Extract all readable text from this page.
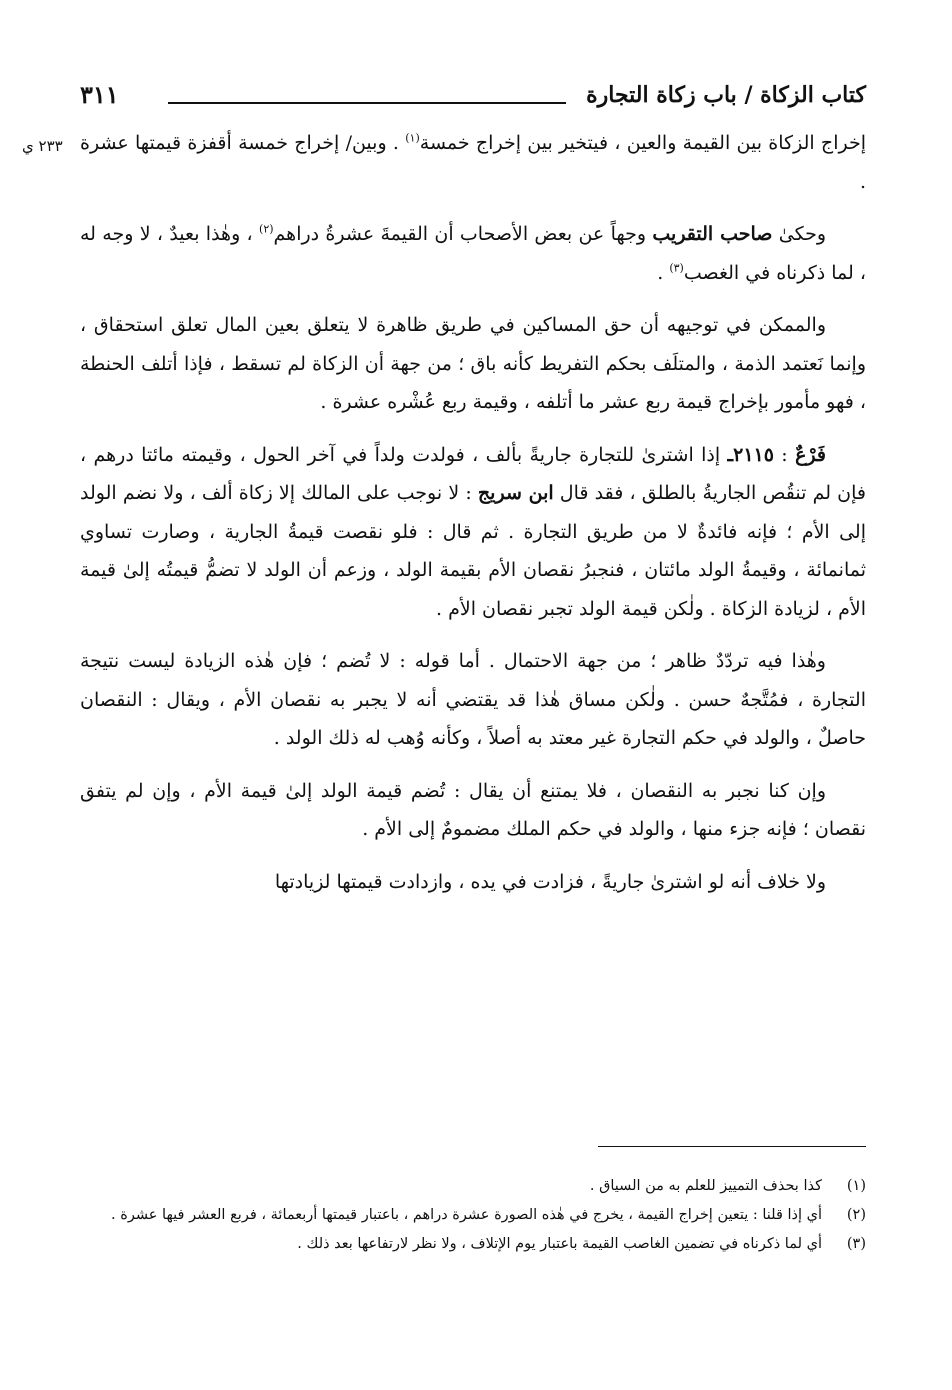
كتاب الزكاة / باب زكاة التجارة
٣١١
٢٣٣ ي	إخراج الزكاة بين القيمة والعين ، فيتخير بين إخراج خمسة$^{(١)}$ . وبين/ إخراج خمسة أقفزة قيمتها عشرة .

وحكىٰ صاحب التقريب وجهاً عن بعض الأصحاب أن القيمةَ عشرةُ دراهم$^{(٢)}$ ، وهٰذا بعيدٌ ، لا وجه له ، لما ذكرناه في الغصب$^{(٣)}$ .

والممكن في توجيهه أن حق المساكين في طريق ظاهرة لا يتعلق بعين المال تعلق استحقاق ، وإنما نَعتمد الذمة ، والمتلَف بحكم التفريط كأنه باق ؛ من جهة أن الزكاة لم تسقط ، فإذا أتلف الحنطة ، فهو مأمور بإخراج قيمة ربع عشر ما أتلفه ، وقيمة ربع عُشْره عشرة .

فَرْعٌ : ٢١١٥ـ إذا اشترىٰ للتجارة جاريةً بألف ، فولدت ولداً في آخر الحول ، وقيمته مائتا درهم ، فإن لم تنقُص الجاريةُ بالطلق ، فقد قال ابن سريج : لا نوجب على المالك إلا زكاة ألف ، ولا نضم الولد إلى الأم ؛ فإنه فائدةٌ لا من طريق التجارة . ثم قال : فلو نقصت قيمةُ الجارية ، وصارت تساوي ثمانمائة ، وقيمةُ الولد مائتان ، فنجبرُ نقصان الأم بقيمة الولد ، وزعم أن الولد لا تضمُّ قيمتُه إلىٰ قيمة الأم ، لزيادة الزكاة . ولٰكن قيمة الولد تجبر نقصان الأم .

وهٰذا فيه تردّدٌ ظاهر ؛ من جهة الاحتمال . أما قوله : لا تُضم ؛ فإن هٰذه الزيادة ليست نتيجة التجارة ، فمُتَّجهٌ حسن . ولٰكن مساق هٰذا قد يقتضي أنه لا يجبر به نقصان الأم ، ويقال : النقصان حاصلٌ ، والولد في حكم التجارة غير معتد به أصلاً ، وكأنه وُهب له ذلك الولد .

وإن كنا نجبر به النقصان ، فلا يمتنع أن يقال : تُضم قيمة الولد إلىٰ قيمة الأم ، وإن لم يتفق نقصان ؛ فإنه جزء منها ، والولد في حكم الملك مضمومٌ إلى الأم .

ولا خلاف أنه لو اشترىٰ جاريةً ، فزادت في يده ، وازدادت قيمتها لزيادتها

(١)
كذا بحذف التمييز للعلم به من السياق .
(٢)
أي إذا قلنا : يتعين إخراج القيمة ، يخرج في هٰذه الصورة عشرة دراهم ، باعتبار قيمتها أربعمائة ، فربع العشر فيها عشرة .
(٣)
أي لما ذكرناه في تضمين الغاصب القيمة باعتبار يوم الإتلاف ، ولا نظر لارتفاعها بعد ذلك .
